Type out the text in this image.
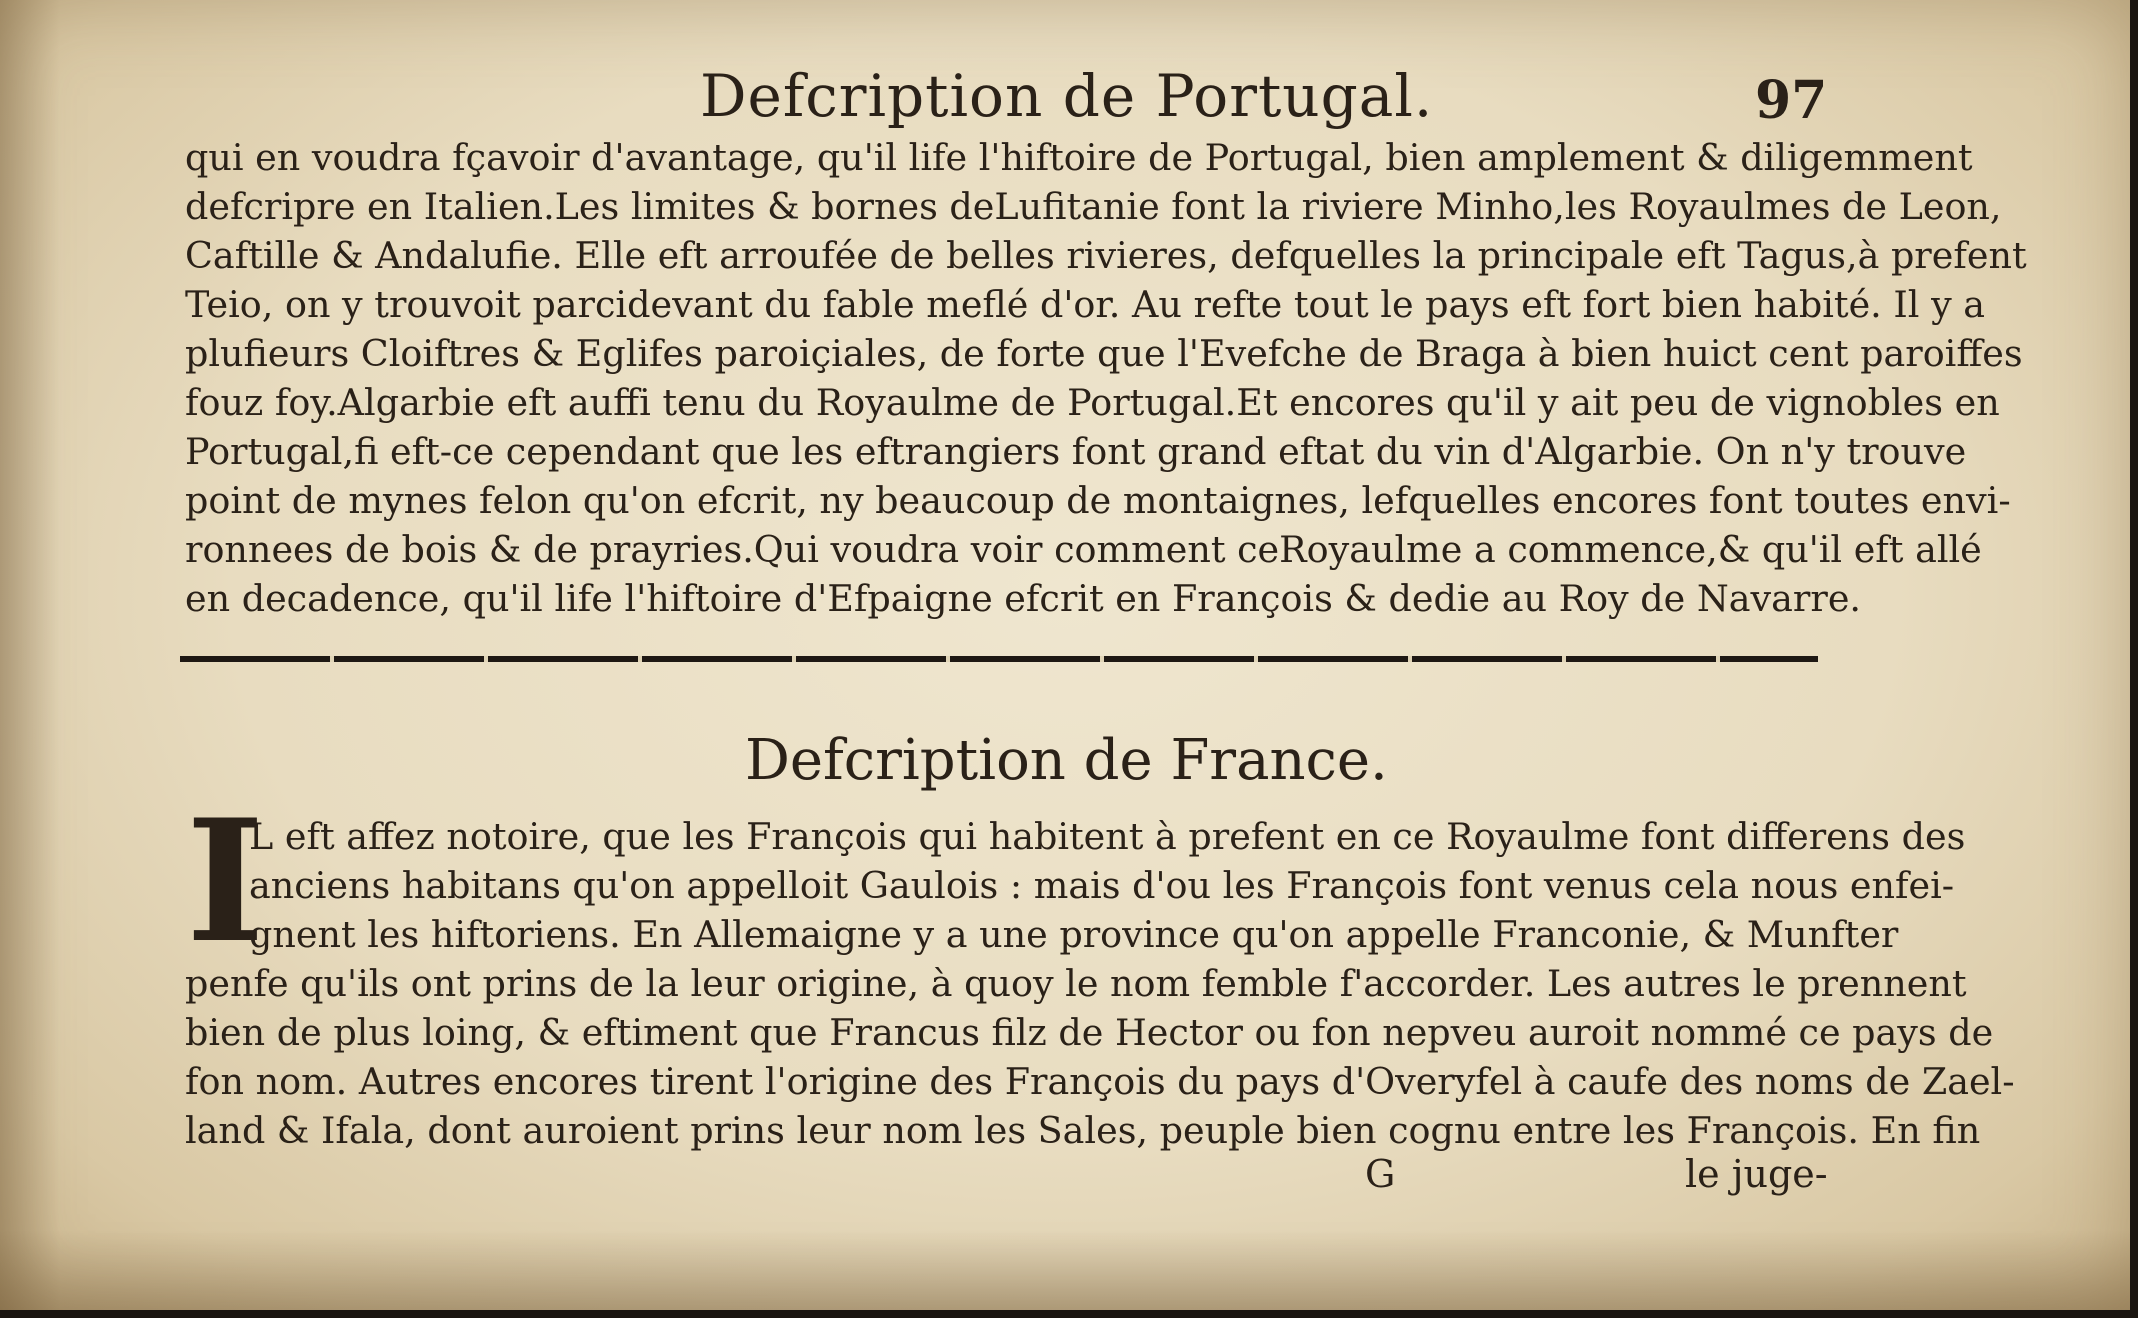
Defcription de Portugal.	97
qui en voudra fçavoir d'avantage, qu'il life l'hiftoire de Portugal, bien amplement & diligemment
defcripre en Italien.Les limites & bornes deLufitanie font la riviere Minho,les Royaulmes de Leon,
Caftille & Andalufie. Elle eft arroufée de belles rivieres, defquelles la principale eft Tagus,à prefent
Teio, on y trouvoit parcidevant du fable meflé d'or. Au refte tout le pays eft fort bien habité. Il y a
plufieurs Cloiftres & Eglifes paroiçiales, de forte que l'Evefche de Braga à bien huict cent paroiffes
fouz foy.Algarbie eft auffi tenu du Royaulme de Portugal.Et encores qu'il y ait peu de vignobles en
Portugal,fi eft-ce cependant que les eftrangiers font grand eftat du vin d'Algarbie. On n'y trouve
point de mynes felon qu'on efcrit, ny beaucoup de montaignes, lefquelles encores font toutes envi-
ronnees de bois & de prayries.Qui voudra voir comment ceRoyaulme a commence,& qu'il eft allé
en decadence, qu'il life l'hiftoire d'Efpaigne efcrit en François & dedie au Roy de Navarre.
Defcription de France.
I
L eft affez notoire, que les François qui habitent à prefent en ce Royaulme font differens des
anciens habitans qu'on appelloit Gaulois : mais d'ou les François font venus cela nous enfei-
gnent les hiftoriens. En Allemaigne y a une province qu'on appelle Franconie, & Munfter
penfe qu'ils ont prins de la leur origine, à quoy le nom femble f'accorder. Les autres le prennent
bien de plus loing, & eftiment que Francus filz de Hector ou fon nepveu auroit nommé ce pays de
fon nom. Autres encores tirent l'origine des François du pays d'Overyfel à caufe des noms de Zael-
land & Ifala, dont auroient prins leur nom les Sales, peuple bien cognu entre les François. En fin
G	le juge-
